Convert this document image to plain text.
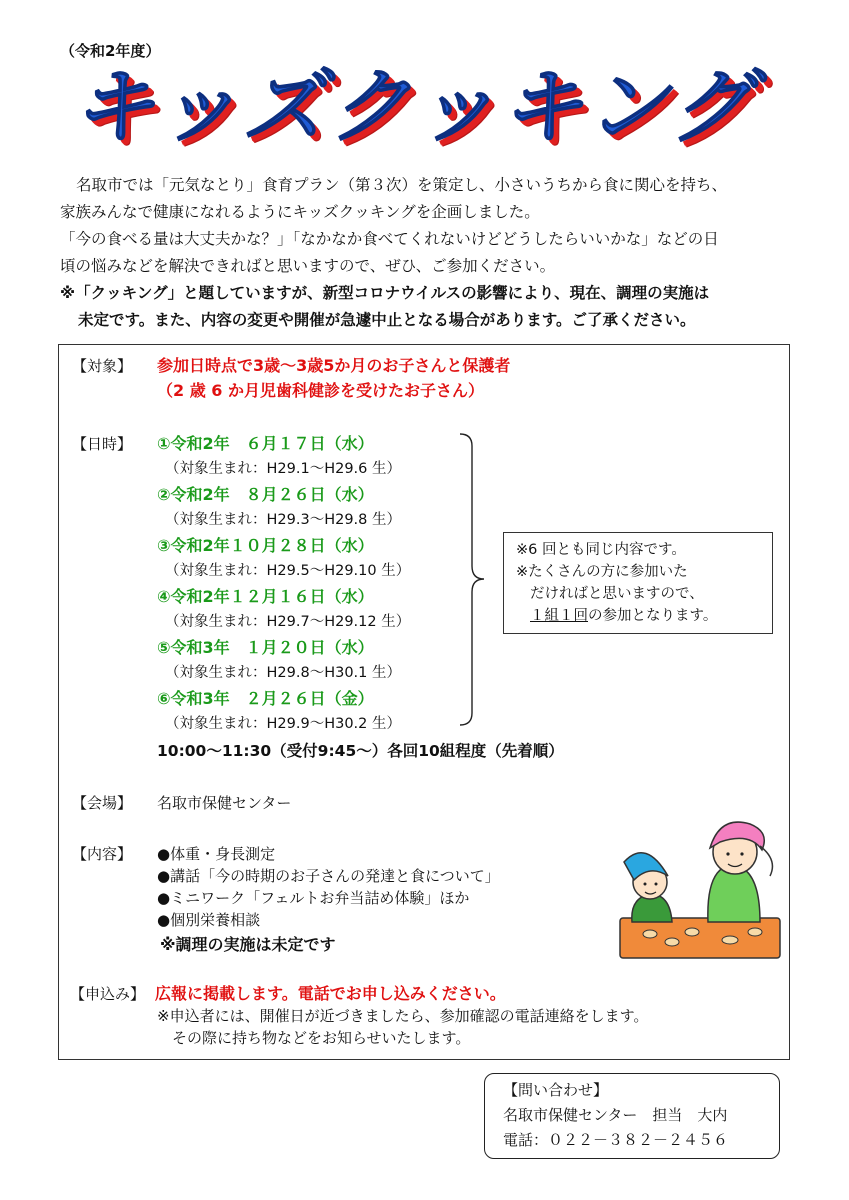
（令和2年度）
キッズクッキング

名取市では「元気なとり」食育プラン（第３次）を策定し、小さいうちから食に関心を持ち、

家族みんなで健康になれるようにキッズクッキングを企画しました。

「今の食べる量は大丈夫かな？」「なかなか食べてくれないけどどうしたらいいかな」などの日

頃の悩みなどを解決できればと思いますので、ぜひ、ご参加ください。

※「クッキング」と題していますが、新型コロナウイルスの影響により、現在、調理の実施は

未定です。また、内容の変更や開催が急遽中止となる場合があります。ご了承ください。

【対象】 参加日時点で3歳～3歳5か月のお子さんと保護者
（2 歳 6 か月児歯科健診を受けたお子さん）
【日時】 ①令和2年　６月１７日（水）
（対象生まれ：H29.1～H29.6 生）
②令和2年　８月２６日（水）
（対象生まれ：H29.3～H29.8 生）
③令和2年１０月２８日（水）
（対象生まれ：H29.5～H29.10 生）
④令和2年１２月１６日（水）
（対象生まれ：H29.7～H29.12 生）
⑤令和3年　１月２０日（水）
（対象生まれ：H29.8～H30.1 生）
⑥令和3年　２月２６日（金）
（対象生まれ：H29.9～H30.2 生）
※6 回とも同じ内容です。
※たくさんの方に参加いた
だければと思いますので、
１組１回の参加となります。
10:00～11:30（受付9:45～）各回10組程度（先着順）
【会場】 名取市保健センター
【内容】 ●体重・身長測定
●講話「今の時期のお子さんの発達と食について」
●ミニワーク「フェルトお弁当詰め体験」ほか
●個別栄養相談
※調理の実施は未定です
【申込み】 広報に掲載します。電話でお申し込みください。
※申込者には、開催日が近づきましたら、参加確認の電話連絡をします。
その際に持ち物などをお知らせいたします。
【問い合わせ】
名取市保健センター　担当　大内
電話：０２２－３８２－２４５６
